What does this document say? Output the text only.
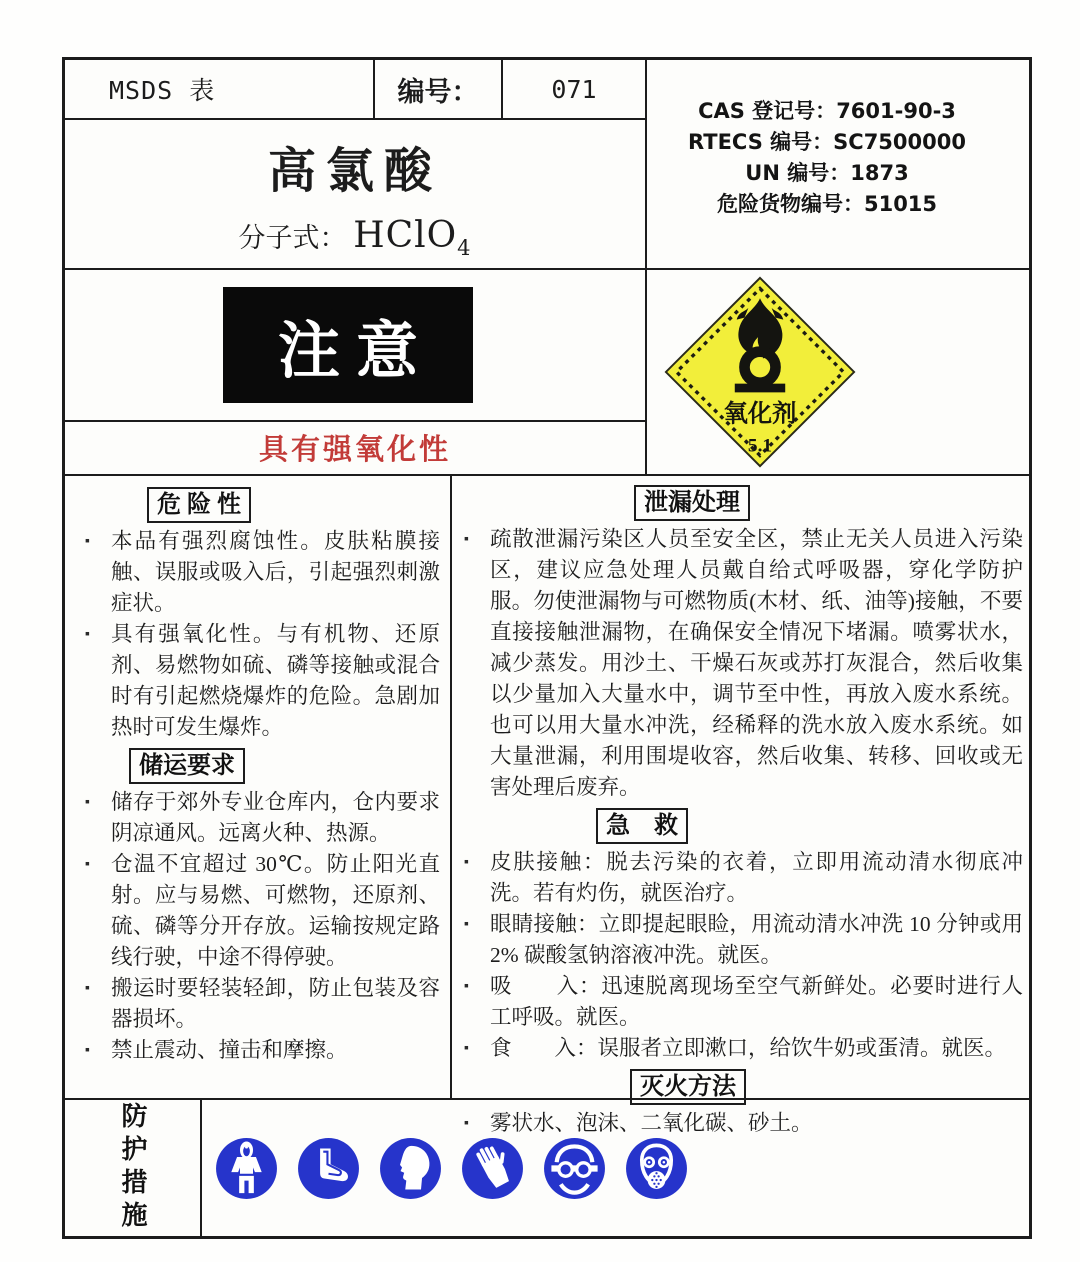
MSDS 表	编号：	071
高氯酸
分子式： HClO$_4$
CAS 登记号：7601-90-3
RTECS 编号：SC7500000
UN 编号：1873
危险货物编号：51015
注意
具有强氧化性
氧化剂
5.1
危 险 性
▪ 本品有强烈腐蚀性。皮肤粘膜接触、误服或吸入后，引起强烈刺激症状。
▪ 具有强氧化性。与有机物、还原剂、易燃物如硫、磷等接触或混合时有引起燃烧爆炸的危险。急剧加热时可发生爆炸。
储运要求
▪ 储存于郊外专业仓库内，仓内要求阴凉通风。远离火种、热源。
▪ 仓温不宜超过 30℃。防止阳光直射。应与易燃、可燃物，还原剂、硫、磷等分开存放。运输按规定路线行驶，中途不得停驶。
▪ 搬运时要轻装轻卸，防止包装及容器损坏。
▪ 禁止震动、撞击和摩擦。
泄漏处理
▪ 疏散泄漏污染区人员至安全区，禁止无关人员进入污染区，建议应急处理人员戴自给式呼吸器，穿化学防护服。勿使泄漏物与可燃物质(木材、纸、油等)接触，不要直接接触泄漏物，在确保安全情况下堵漏。喷雾状水，减少蒸发。用沙土、干燥石灰或苏打灰混合，然后收集以少量加入大量水中，调节至中性，再放入废水系统。也可以用大量水冲洗，经稀释的洗水放入废水系统。如大量泄漏，利用围堤收容，然后收集、转移、回收或无害处理后废弃。
急　救
▪ 皮肤接触：脱去污染的衣着，立即用流动清水彻底冲洗。若有灼伤，就医治疗。
▪ 眼睛接触：立即提起眼睑，用流动清水冲洗 10 分钟或用 2% 碳酸氢钠溶液冲洗。就医。
▪ 吸　　入：迅速脱离现场至空气新鲜处。必要时进行人工呼吸。就医。
▪ 食　　入：误服者立即漱口，给饮牛奶或蛋清。就医。
灭火方法
▪ 雾状水、泡沫、二氧化碳、砂土。
防护措施
